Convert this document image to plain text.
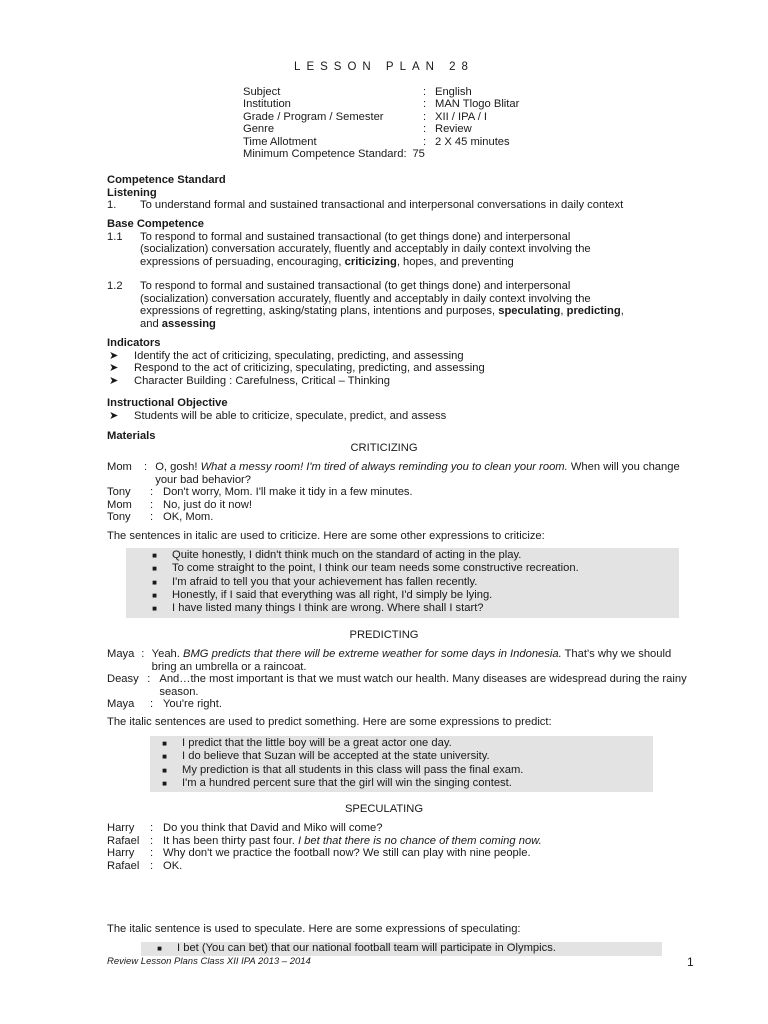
LESSON PLAN 28
Subject	: English
Institution	: MAN Tlogo Blitar
Grade / Program / Semester	: XII / IPA / I
Genre	: Review
Time Allotment	: 2 X 45 minutes
Minimum Competence Standard : 75
Competence Standard
Listening
1. To understand formal and sustained transactional and interpersonal conversations in daily context
Base Competence
1.1 To respond to formal and sustained transactional (to get things done) and interpersonal
(socialization) conversation accurately, fluently and acceptably in daily context involving the
expressions of persuading, encouraging, criticizing, hopes, and preventing
1.2 To respond to formal and sustained transactional (to get things done) and interpersonal
(socialization) conversation accurately, fluently and acceptably in daily context involving the
expressions of regretting, asking/stating plans, intentions and purposes, speculating, predicting,
and assessing
Indicators
➤	Identify the act of criticizing, speculating, predicting, and assessing
➤	Respond to the act of criticizing, speculating, predicting, and assessing
➤	Character Building : Carefulness, Critical – Thinking
Instructional Objective
➤	Students will be able to criticize, speculate, predict, and assess
Materials
CRITICIZING
Mom	: O, gosh! What a messy room! I'm tired of always reminding you to clean your room. When will you change your bad behavior?
Tony	: Don't worry, Mom. I'll make it tidy in a few minutes.
Mom	: No, just do it now!
Tony	: OK, Mom.
The sentences in italic are used to criticize. Here are some other expressions to criticize:
■	Quite honestly, I didn't think much on the standard of acting in the play.
■	To come straight to the point, I think our team needs some constructive recreation.
■	I'm afraid to tell you that your achievement has fallen recently.
■	Honestly, if I said that everything was all right, I'd simply be lying.
■	I have listed many things I think are wrong. Where shall I start?
PREDICTING
Maya : Yeah. BMG predicts that there will be extreme weather for some days in Indonesia. That's why we should bring an umbrella or a raincoat.
Deasy : And…the most important is that we must watch our health. Many diseases are widespread during the rainy season.
Maya	: You're right.
The italic sentences are used to predict something. Here are some expressions to predict:
■	I predict that the little boy will be a great actor one day.
■	I do believe that Suzan will be accepted at the state university.
■	My prediction is that all students in this class will pass the final exam.
■	I'm a hundred percent sure that the girl will win the singing contest.
SPECULATING
Harry	: Do you think that David and Miko will come?
Rafael : It has been thirty past four. I bet that there is no chance of them coming now.
Harry	: Why don't we practice the football now? We still can play with nine people.
Rafael : OK.
The italic sentence is used to speculate. Here are some expressions of speculating:
■	I bet (You can bet) that our national football team will participate in Olympics.
Review Lesson Plans Class XII IPA 2013 – 2014	1
